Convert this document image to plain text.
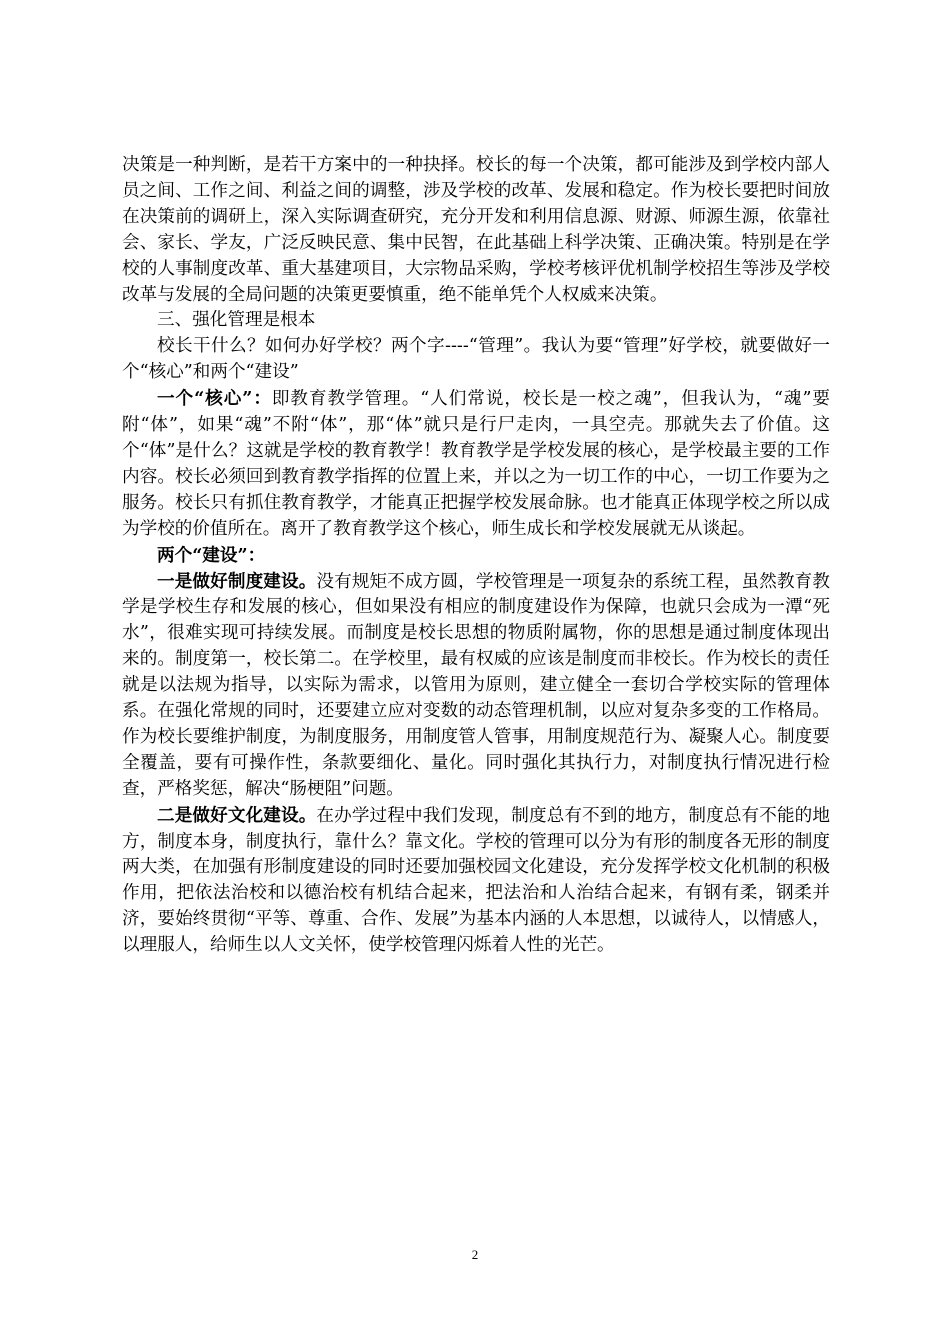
决策是一种判断，是若干方案中的一种抉择。校长的每一个决策，都可能涉及到学校内部人员之间、工作之间、利益之间的调整，涉及学校的改革、发展和稳定。作为校长要把时间放在决策前的调研上，深入实际调查研究，充分开发和利用信息源、财源、师源生源，依靠社会、家长、学友，广泛反映民意、集中民智，在此基础上科学决策、正确决策。特别是在学校的人事制度改革、重大基建项目，大宗物品采购，学校考核评优机制学校招生等涉及学校改革与发展的全局问题的决策更要慎重，绝不能单凭个人权威来决策。

三、强化管理是根本

校长干什么？如何办好学校？两个字----“管理”。我认为要“管理”好学校，就要做好一个“核心”和两个“建设”

一个“核心”：即教育教学管理。“人们常说，校长是一校之魂”，但我认为，“魂”要附“体”，如果“魂”不附“体”，那“体”就只是行尸走肉，一具空壳。那就失去了价值。这个“体”是什么？这就是学校的教育教学！教育教学是学校发展的核心，是学校最主要的工作内容。校长必须回到教育教学指挥的位置上来，并以之为一切工作的中心，一切工作要为之服务。校长只有抓住教育教学，才能真正把握学校发展命脉。也才能真正体现学校之所以成为学校的价值所在。离开了教育教学这个核心，师生成长和学校发展就无从谈起。

两个“建设”：

一是做好制度建设。没有规矩不成方圆，学校管理是一项复杂的系统工程，虽然教育教学是学校生存和发展的核心，但如果没有相应的制度建设作为保障，也就只会成为一潭“死水”，很难实现可持续发展。而制度是校长思想的物质附属物，你的思想是通过制度体现出来的。制度第一，校长第二。在学校里，最有权威的应该是制度而非校长。作为校长的责任就是以法规为指导，以实际为需求，以管用为原则，建立健全一套切合学校实际的管理体系。在强化常规的同时，还要建立应对变数的动态管理机制，以应对复杂多变的工作格局。作为校长要维护制度，为制度服务，用制度管人管事，用制度规范行为、凝聚人心。制度要全覆盖，要有可操作性，条款要细化、量化。同时强化其执行力，对制度执行情况进行检查，严格奖惩，解决“肠梗阻”问题。

二是做好文化建设。在办学过程中我们发现，制度总有不到的地方，制度总有不能的地方，制度本身，制度执行，靠什么？靠文化。学校的管理可以分为有形的制度各无形的制度两大类，在加强有形制度建设的同时还要加强校园文化建设，充分发挥学校文化机制的积极作用，把依法治校和以德治校有机结合起来，把法治和人治结合起来，有钢有柔，钢柔并济，要始终贯彻“平等、尊重、合作、发展”为基本内涵的人本思想，以诚待人，以情感人，以理服人，给师生以人文关怀，使学校管理闪烁着人性的光芒。

2
